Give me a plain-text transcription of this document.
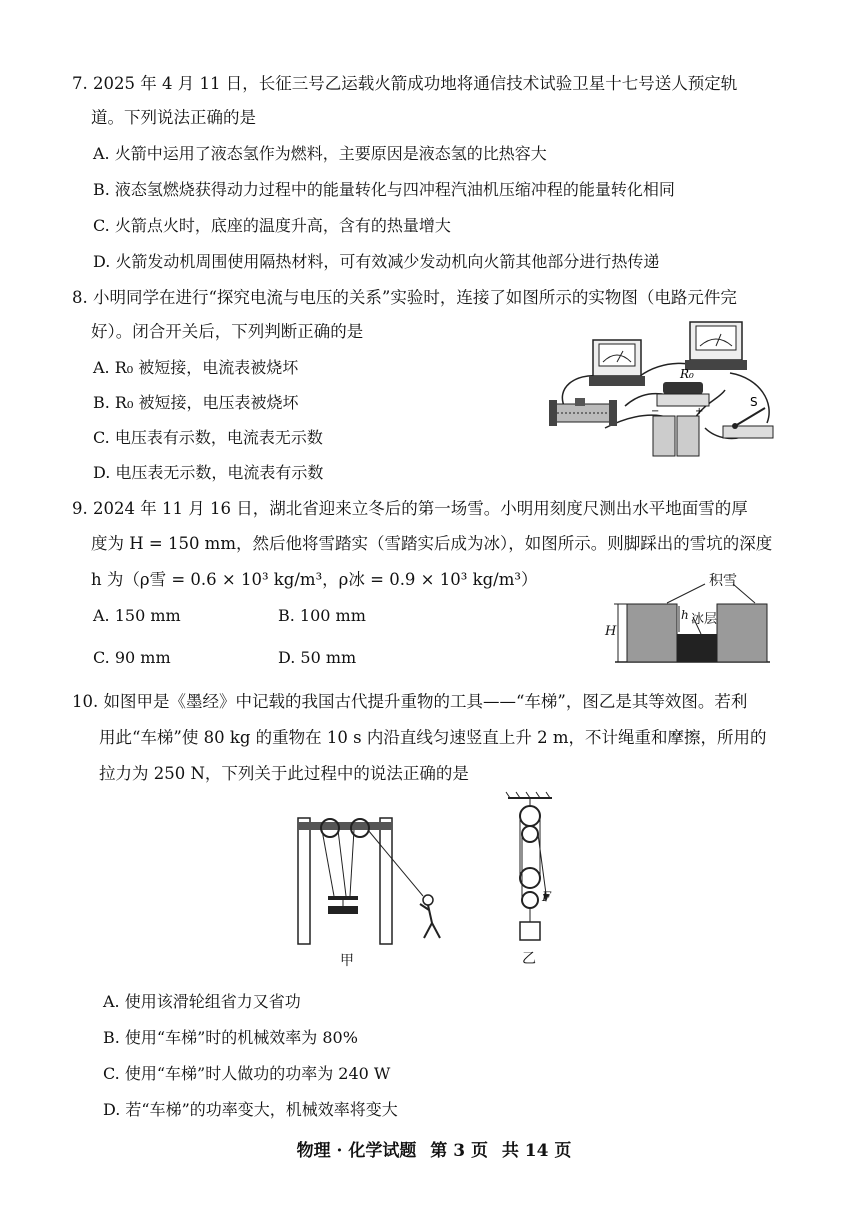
7. 2025 年 4 月 11 日，长征三号乙运载火箭成功地将通信技术试验卫星十七号送人预定轨
道。下列说法正确的是
A. 火箭中运用了液态氢作为燃料，主要原因是液态氢的比热容大
B. 液态氢燃烧获得动力过程中的能量转化与四冲程汽油机压缩冲程的能量转化相同
C. 火箭点火时，底座的温度升高，含有的热量增大
D. 火箭发动机周围使用隔热材料，可有效减少发动机向火箭其他部分进行热传递
8. 小明同学在进行“探究电流与电压的关系”实验时，连接了如图所示的实物图（电路元件完
好）。闭合开关后，下列判断正确的是
A. R₀ 被短接，电流表被烧坏
B. R₀ 被短接，电压表被烧坏
C. 电压表有示数，电流表无示数
D. 电压表无示数，电流表有示数
R₀
−	+
S
9. 2024 年 11 月 16 日，湖北省迎来立冬后的第一场雪。小明用刻度尺测出水平地面雪的厚
度为 H = 150 mm，然后他将雪踏实（雪踏实后成为冰），如图所示。则脚踩出的雪坑的深度
h 为（ρ雪 = 0.6 × 10³ kg/m³，ρ冰 = 0.9 × 10³ kg/m³）
A. 150 mm	B. 100 mm
C. 90 mm	D. 50 mm
积雪
冰层
h
H
10. 如图甲是《墨经》中记载的我国古代提升重物的工具——“车梯”，图乙是其等效图。若利
用此“车梯”使 80 kg 的重物在 10 s 内沿直线匀速竖直上升 2 m，不计绳重和摩擦，所用的
拉力为 250 N，下列关于此过程中的说法正确的是
甲
F
乙
A. 使用该滑轮组省力又省功
B. 使用“车梯”时的机械效率为 80%
C. 使用“车梯”时人做功的功率为 240 W
D. 若“车梯”的功率变大，机械效率将变大
物理 · 化学试题 第 3 页 共 14 页
